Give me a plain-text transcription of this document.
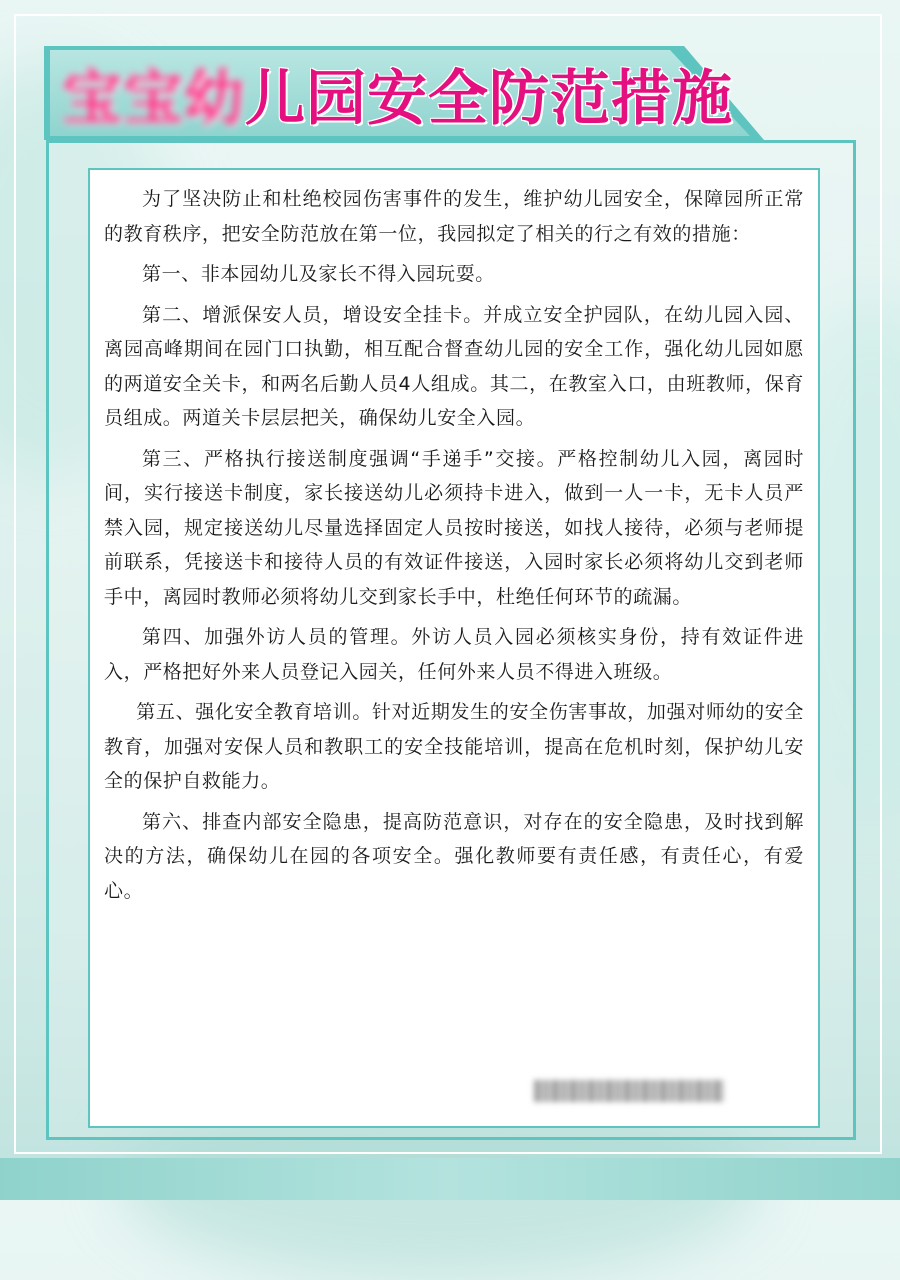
宝宝幼儿园安全防范措施

为了坚决防止和杜绝校园伤害事件的发生，维护幼儿园安全，保障园所正常的教育秩序，把安全防范放在第一位，我园拟定了相关的行之有效的措施：

第一、非本园幼儿及家长不得入园玩耍。

第二、增派保安人员，增设安全挂卡。并成立安全护园队，在幼儿园入园、离园高峰期间在园门口执勤，相互配合督查幼儿园的安全工作，强化幼儿园如愿的两道安全关卡，和两名后勤人员4人组成。其二，在教室入口，由班教师，保育员组成。两道关卡层层把关，确保幼儿安全入园。

第三、严格执行接送制度强调“手递手”交接。严格控制幼儿入园，离园时间，实行接送卡制度，家长接送幼儿必须持卡进入，做到一人一卡，无卡人员严禁入园，规定接送幼儿尽量选择固定人员按时接送，如找人接待，必须与老师提前联系，凭接送卡和接待人员的有效证件接送，入园时家长必须将幼儿交到老师手中，离园时教师必须将幼儿交到家长手中，杜绝任何环节的疏漏。

第四、加强外访人员的管理。外访人员入园必须核实身份，持有效证件进入，严格把好外来人员登记入园关，任何外来人员不得进入班级。

第五、强化安全教育培训。针对近期发生的安全伤害事故，加强对师幼的安全教育，加强对安保人员和教职工的安全技能培训，提高在危机时刻，保护幼儿安全的保护自救能力。

第六、排查内部安全隐患，提高防范意识，对存在的安全隐患，及时找到解决的方法，确保幼儿在园的各项安全。强化教师要有责任感，有责任心，有爱心。
